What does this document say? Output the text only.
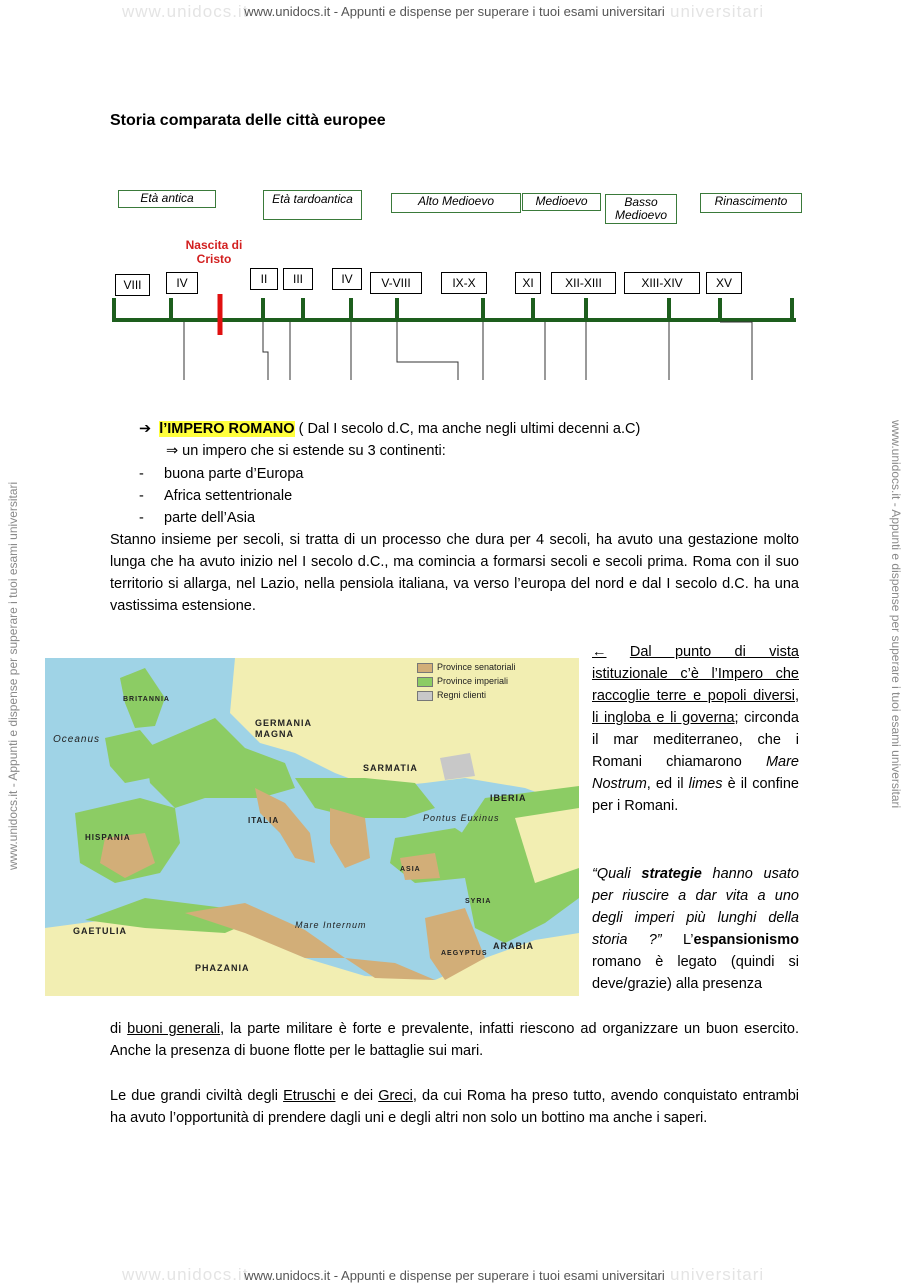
www.unidocs.it	universitari
www.unidocs.it - Appunti e dispense per superare i tuoi esami universitari
www.unidocs.it	universitari
www.unidocs.it - Appunti e dispense per superare i tuoi esami universitari
www.unidocs.it - Appunti e dispense per superare i tuoi esami universitari	www.unidocs.it - Appunti e dispense per superare i tuoi esami universitari
Storia comparata delle città europee
Età antica	Età tardoantica	Alto Medioevo	Medioevo	Basso Medioevo
Rinascimento
Nascita di Cristo
VIII	IV	II	III	IV	V-VIII	IX-X	XI	XII-XIII	XIII-XIV	XV
➔ l’IMPERO ROMANO ( Dal I secolo d.C, ma anche negli ultimi decenni a.C)
⇒ un impero che si estende su 3 continenti:
- buona parte d’Europa
- Africa settentrionale
- parte dell’Asia
Stanno insieme per secoli, si tratta di un processo che dura per 4 secoli, ha avuto una gestazione molto lunga che ha avuto inizio nel I secolo d.C., ma comincia a formarsi secoli e secoli prima. Roma con il suo territorio si allarga, nel Lazio, nella pensiola italiana, va verso l’europa del nord e dal I secolo d.C. ha una vastissima estensione.
Province senatoriali
Province imperiali
Regni clienti
GERMANIA MAGNA
SARMATIA
IBERIA
ARABIA
GAETULIA
PHAZANIA
Oceanus
Pontus Euxinus
Mare Internum
ITALIA
HISPANIA
BRITANNIA
AEGYPTUS
ASIA
SYRIA
← Dal punto di vista istituzionale c’è l’Impero che raccoglie terre e popoli diversi, li ingloba e li governa; circonda il mar mediterraneo, che i Romani chiamarono Mare Nostrum, ed il limes è il confine per i Romani.
“Quali strategie hanno usato per riuscire a dar vita a uno degli imperi più lunghi della storia ?” L’espansionismo romano è legato (quindi si deve/grazie) alla presenza
di buoni generali, la parte militare è forte e prevalente, infatti riescono ad organizzare un buon esercito. Anche la presenza di buone flotte per le battaglie sui mari.
Le due grandi civiltà degli Etruschi e dei Greci, da cui Roma ha preso tutto, avendo conquistato entrambi ha avuto l’opportunità di prendere dagli uni e degli altri non solo un bottino ma anche i saperi.
